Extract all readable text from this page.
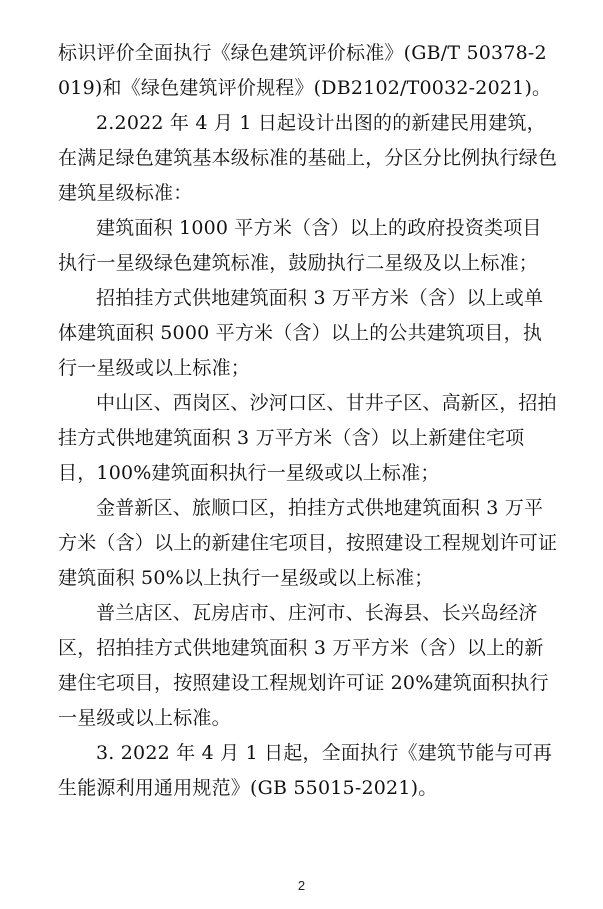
标识评价全面执行《绿色建筑评价标准》(GB/T 50378-2019)和《绿色建筑评价规程》(DB2102/T0032-2021)。

2.2022 年 4 月 1 日起设计出图的的新建民用建筑，在满足绿色建筑基本级标准的基础上，分区分比例执行绿色建筑星级标准：

建筑面积 1000 平方米（含）以上的政府投资类项目执行一星级绿色建筑标准，鼓励执行二星级及以上标准；

招拍挂方式供地建筑面积 3 万平方米（含）以上或单体建筑面积 5000 平方米（含）以上的公共建筑项目，执行一星级或以上标准；

中山区、西岗区、沙河口区、甘井子区、高新区，招拍挂方式供地建筑面积 3 万平方米（含）以上新建住宅项目，100%建筑面积执行一星级或以上标准；

金普新区、旅顺口区，拍挂方式供地建筑面积 3 万平方米（含）以上的新建住宅项目，按照建设工程规划许可证建筑面积 50%以上执行一星级或以上标准；

普兰店区、瓦房店市、庄河市、长海县、长兴岛经济区，招拍挂方式供地建筑面积 3 万平方米（含）以上的新建住宅项目，按照建设工程规划许可证 20%建筑面积执行一星级或以上标准。

3. 2022 年 4 月 1 日起，全面执行《建筑节能与可再生能源利用通用规范》(GB 55015-2021)。

2
